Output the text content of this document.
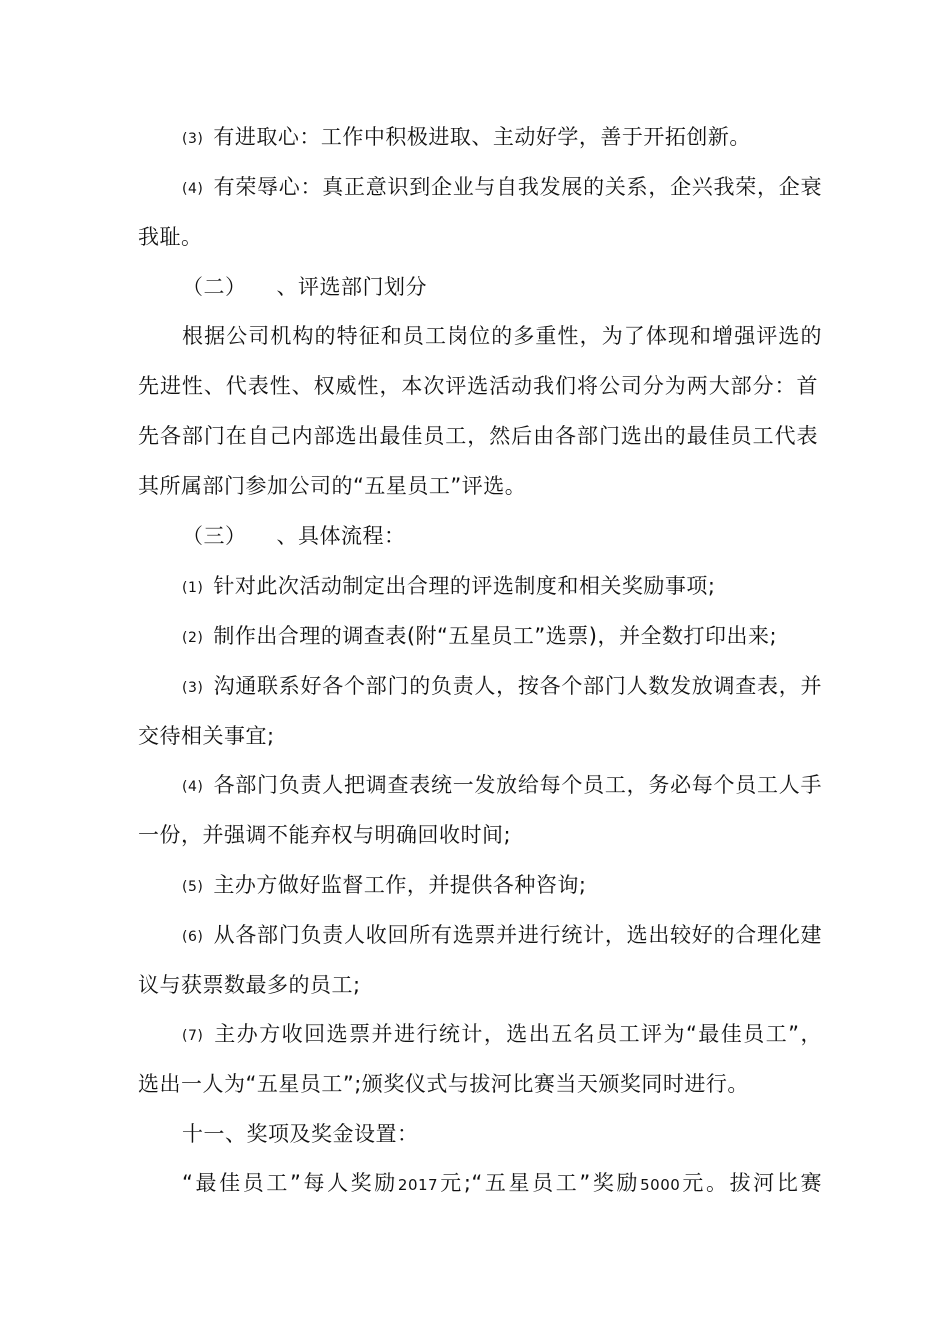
(3) 有进取心：工作中积极进取、主动好学，善于开拓创新。
(4) 有荣辱心：真正意识到企业与自我发展的关系，企兴我荣，企衰
我耻。
（二） 、评选部门划分
根据公司机构的特征和员工岗位的多重性，为了体现和增强评选的
先进性、代表性、权威性，本次评选活动我们将公司分为两大部分：首
先各部门在自己内部选出最佳员工，然后由各部门选出的最佳员工代表
其所属部门参加公司的“五星员工”评选。
（三） 、具体流程：
(1) 针对此次活动制定出合理的评选制度和相关奖励事项;
(2) 制作出合理的调查表(附“五星员工”选票)，并全数打印出来;
(3) 沟通联系好各个部门的负责人，按各个部门人数发放调查表，并
交待相关事宜;
(4) 各部门负责人把调查表统一发放给每个员工，务必每个员工人手
一份，并强调不能弃权与明确回收时间;
(5) 主办方做好监督工作，并提供各种咨询;
(6) 从各部门负责人收回所有选票并进行统计，选出较好的合理化建
议与获票数最多的员工;
(7) 主办方收回选票并进行统计，选出五名员工评为“最佳员工”，
选出一人为“五星员工”;颁奖仪式与拔河比赛当天颁奖同时进行。
十一、奖项及奖金设置：
“最佳员工”每人奖励2017元;“五星员工”奖励5000元。拔河比赛
